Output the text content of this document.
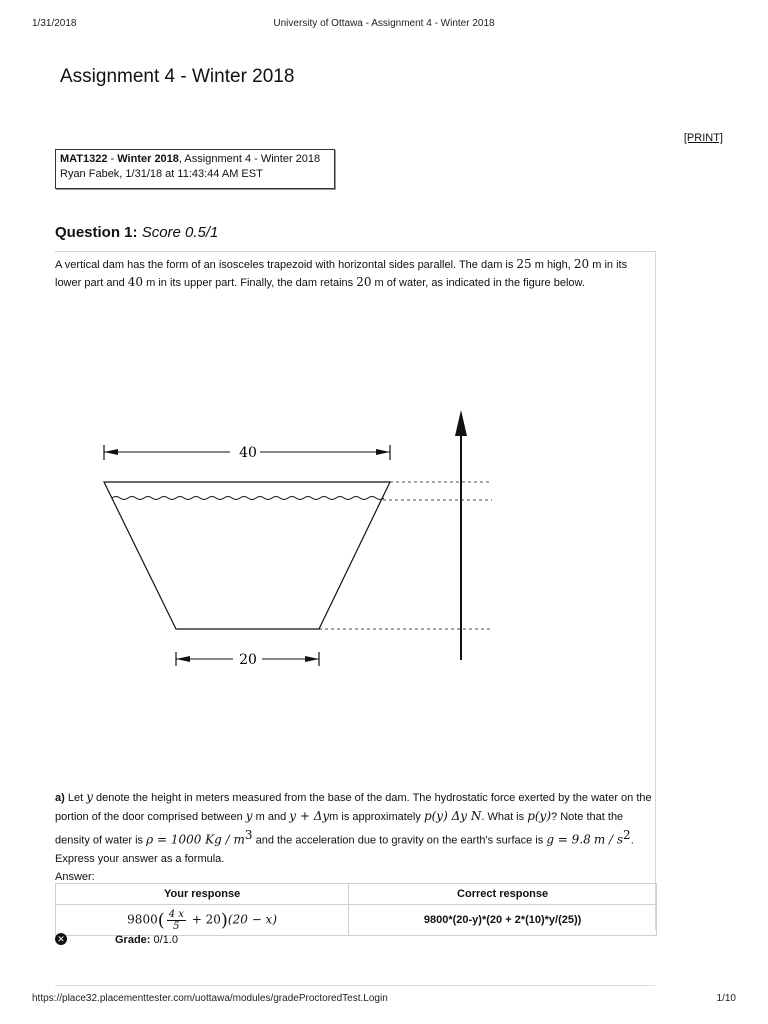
1/31/2018	University of Ottawa - Assignment 4 - Winter 2018
Assignment 4 - Winter 2018
[PRINT]
MAT1322 - Winter 2018, Assignment 4 - Winter 2018
Ryan Fabek, 1/31/18 at 11:43:44 AM EST
Question 1: Score 0.5/1
A vertical dam has the form of an isosceles trapezoid with horizontal sides parallel. The dam is 25 m high, 20 m in its lower part and 40 m in its upper part. Finally, the dam retains 20 m of water, as indicated in the figure below.
40
20
a) Let y denote the height in meters measured from the base of the dam. The hydrostatic force exerted by the water on the portion of the door comprised between y m and y + Δym is approximately p(y) Δy N. What is p(y)? Note that the density of water is ρ = 1000 Kg / $m^3$ and the acceleration due to gravity on the earth's surface is g = 9.8 m / $s^2$. Express your answer as a formula.
Answer:
Your response	Correct response
$9800( \frac{4 x}{5} + 20)(20 - x)$	9800*(20-y)*(20 + 2*(10)*y/(25))
✕	Grade: 0/1.0
https://place32.placementtester.com/uottawa/modules/gradeProctoredTest.Login	1/10
